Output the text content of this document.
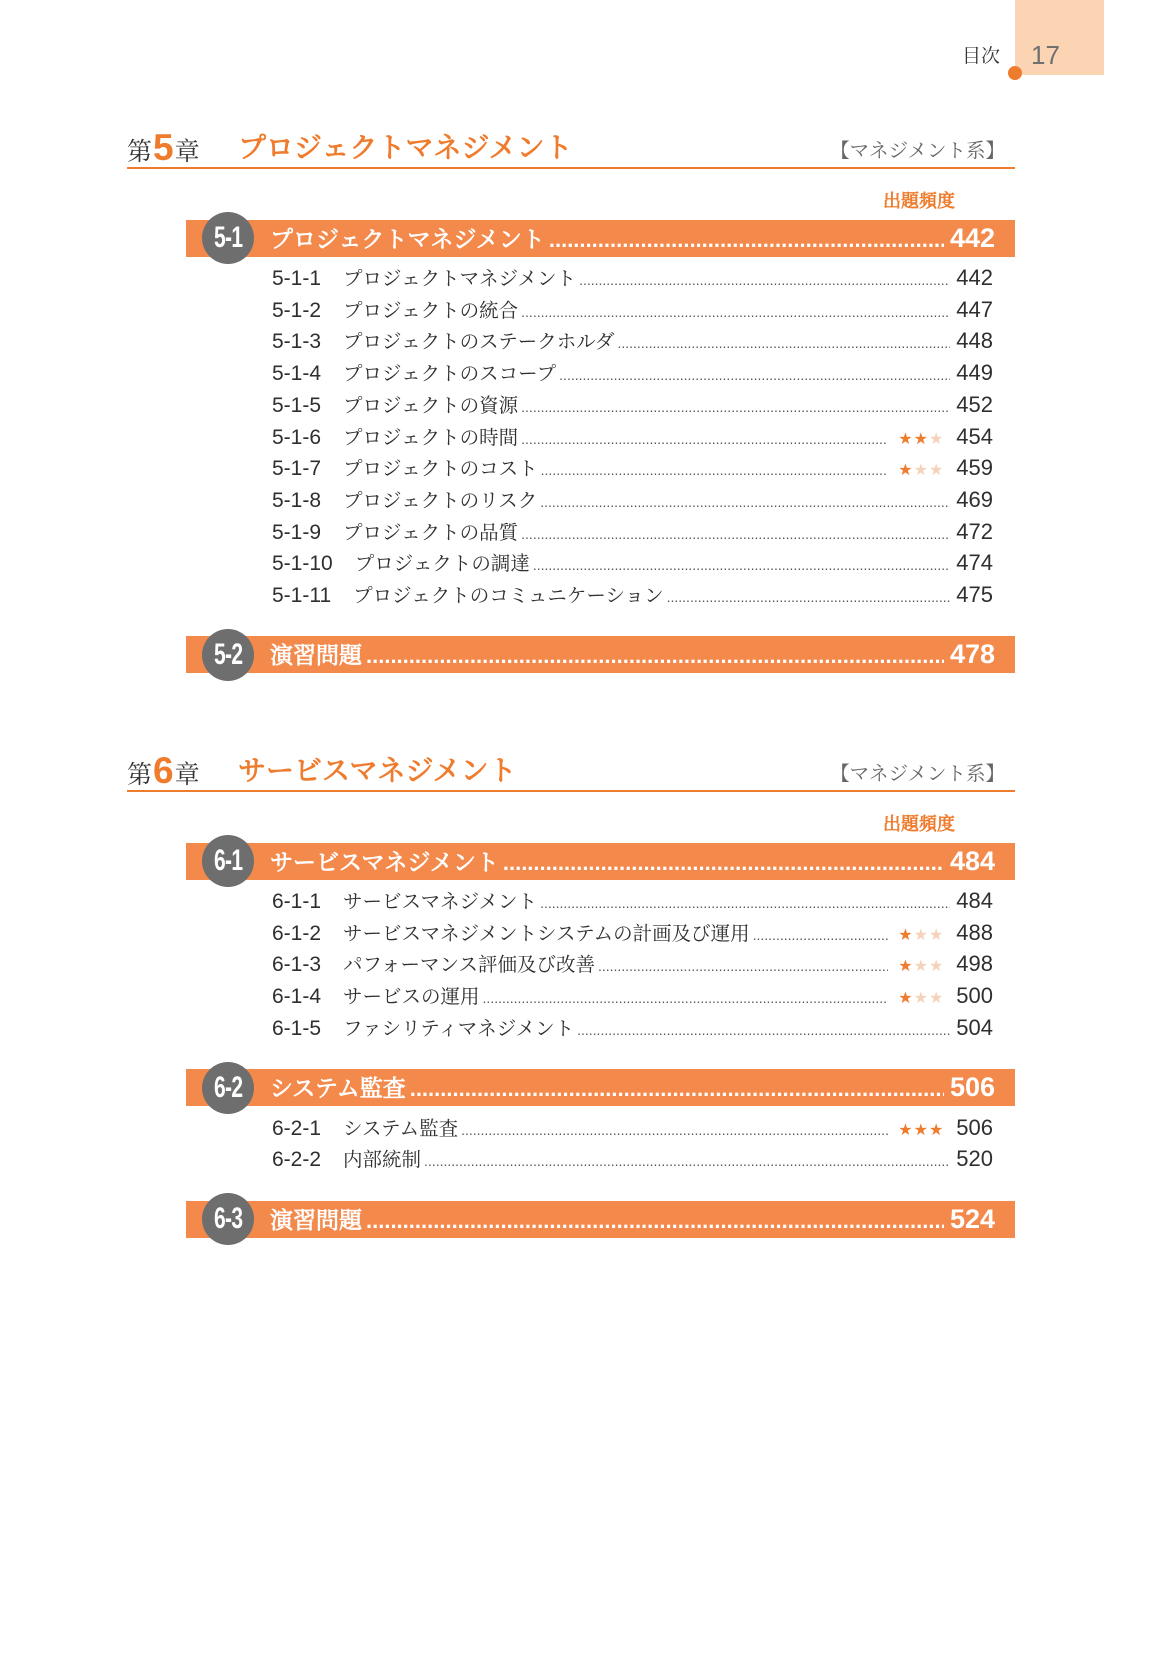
17
目次
第5章 プロジェクトマネジメント	【マネジメント系】
出題頻度
5-1 プロジェクトマネジメント .....	442
5-1-1 プロジェクトマネジメント .....	442
5-1-2 プロジェクトの統合 .....	447
5-1-3 プロジェクトのステークホルダ .....	448
5-1-4 プロジェクトのスコープ .....	449
5-1-5 プロジェクトの資源 .....	452
5-1-6 プロジェクトの時間 .....	★★★ 454
5-1-7 プロジェクトのコスト .....	★★★ 459
5-1-8 プロジェクトのリスク .....	469
5-1-9 プロジェクトの品質 .....	472
5-1-10 プロジェクトの調達 .....	474
5-1-11 プロジェクトのコミュニケーション .....	475
5-2 演習問題 .....	478
第6章 サービスマネジメント	【マネジメント系】
出題頻度
6-1 サービスマネジメント .....	484
6-1-1 サービスマネジメント .....	484
6-1-2 サービスマネジメントシステムの計画及び運用 .....	★★★ 488
6-1-3 パフォーマンス評価及び改善 .....	★★★ 498
6-1-4 サービスの運用 .....	★★★ 500
6-1-5 ファシリティマネジメント .....	504
6-2 システム監査 .....	506
6-2-1 システム監査 .....	★★★ 506
6-2-2 内部統制 .....	520
6-3 演習問題 .....	524
